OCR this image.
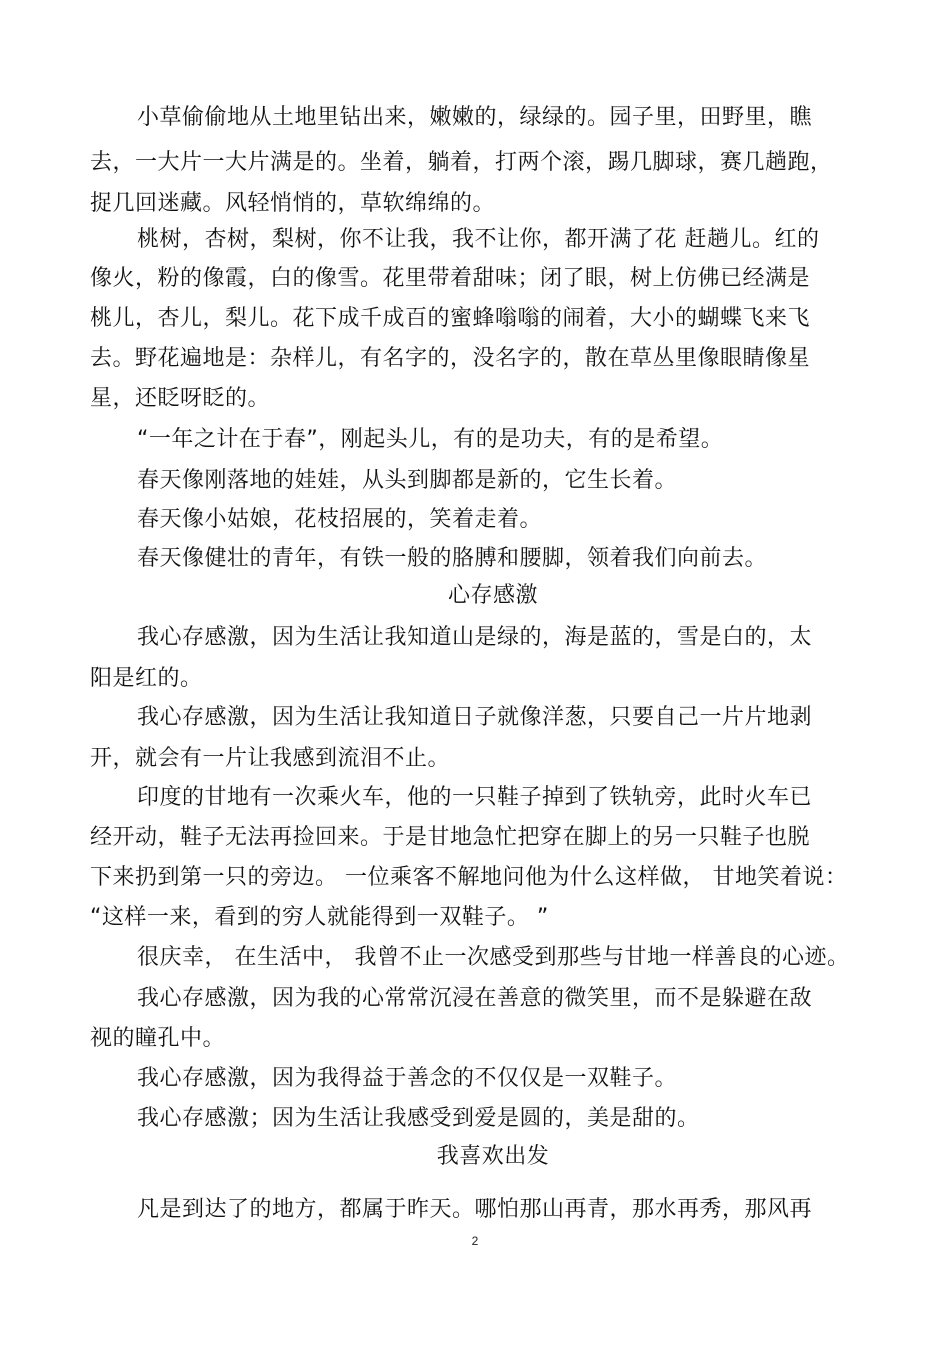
小草偷偷地从土地里钻出来，嫩嫩的，绿绿的。园子里，田野里，瞧
去，一大片一大片满是的。坐着，躺着，打两个滚，踢几脚球，赛几趟跑，
捉几回迷藏。风轻悄悄的，草软绵绵的。
桃树，杏树，梨树，你不让我，我不让你，都开满了花 赶趟儿。红的
像火，粉的像霞，白的像雪。花里带着甜味；闭了眼，树上仿佛已经满是
桃儿，杏儿，梨儿。花下成千成百的蜜蜂嗡嗡的闹着，大小的蝴蝶飞来飞
去。野花遍地是：杂样儿，有名字的，没名字的，散在草丛里像眼睛像星
星，还眨呀眨的。
“一年之计在于春”，刚起头儿，有的是功夫，有的是希望。
春天像刚落地的娃娃，从头到脚都是新的，它生长着。
春天像小姑娘，花枝招展的，笑着走着。
春天像健壮的青年，有铁一般的胳膊和腰脚，领着我们向前去。
心存感激
我心存感激，因为生活让我知道山是绿的，海是蓝的，雪是白的，太
阳是红的。
我心存感激，因为生活让我知道日子就像洋葱，只要自己一片片地剥
开，就会有一片让我感到流泪不止。
印度的甘地有一次乘火车，他的一只鞋子掉到了铁轨旁，此时火车已
经开动，鞋子无法再捡回来。于是甘地急忙把穿在脚上的另一只鞋子也脱
下来扔到第一只的旁边。 一位乘客不解地问他为什么这样做， 甘地笑着说：
“这样一来，看到的穷人就能得到一双鞋子。 ”
很庆幸， 在生活中， 我曾不止一次感受到那些与甘地一样善良的心迹。
我心存感激，因为我的心常常沉浸在善意的微笑里，而不是躲避在敌
视的瞳孔中。
我心存感激，因为我得益于善念的不仅仅是一双鞋子。
我心存感激；因为生活让我感受到爱是圆的，美是甜的。
我喜欢出发
凡是到达了的地方，都属于昨天。哪怕那山再青，那水再秀，那风再
2
